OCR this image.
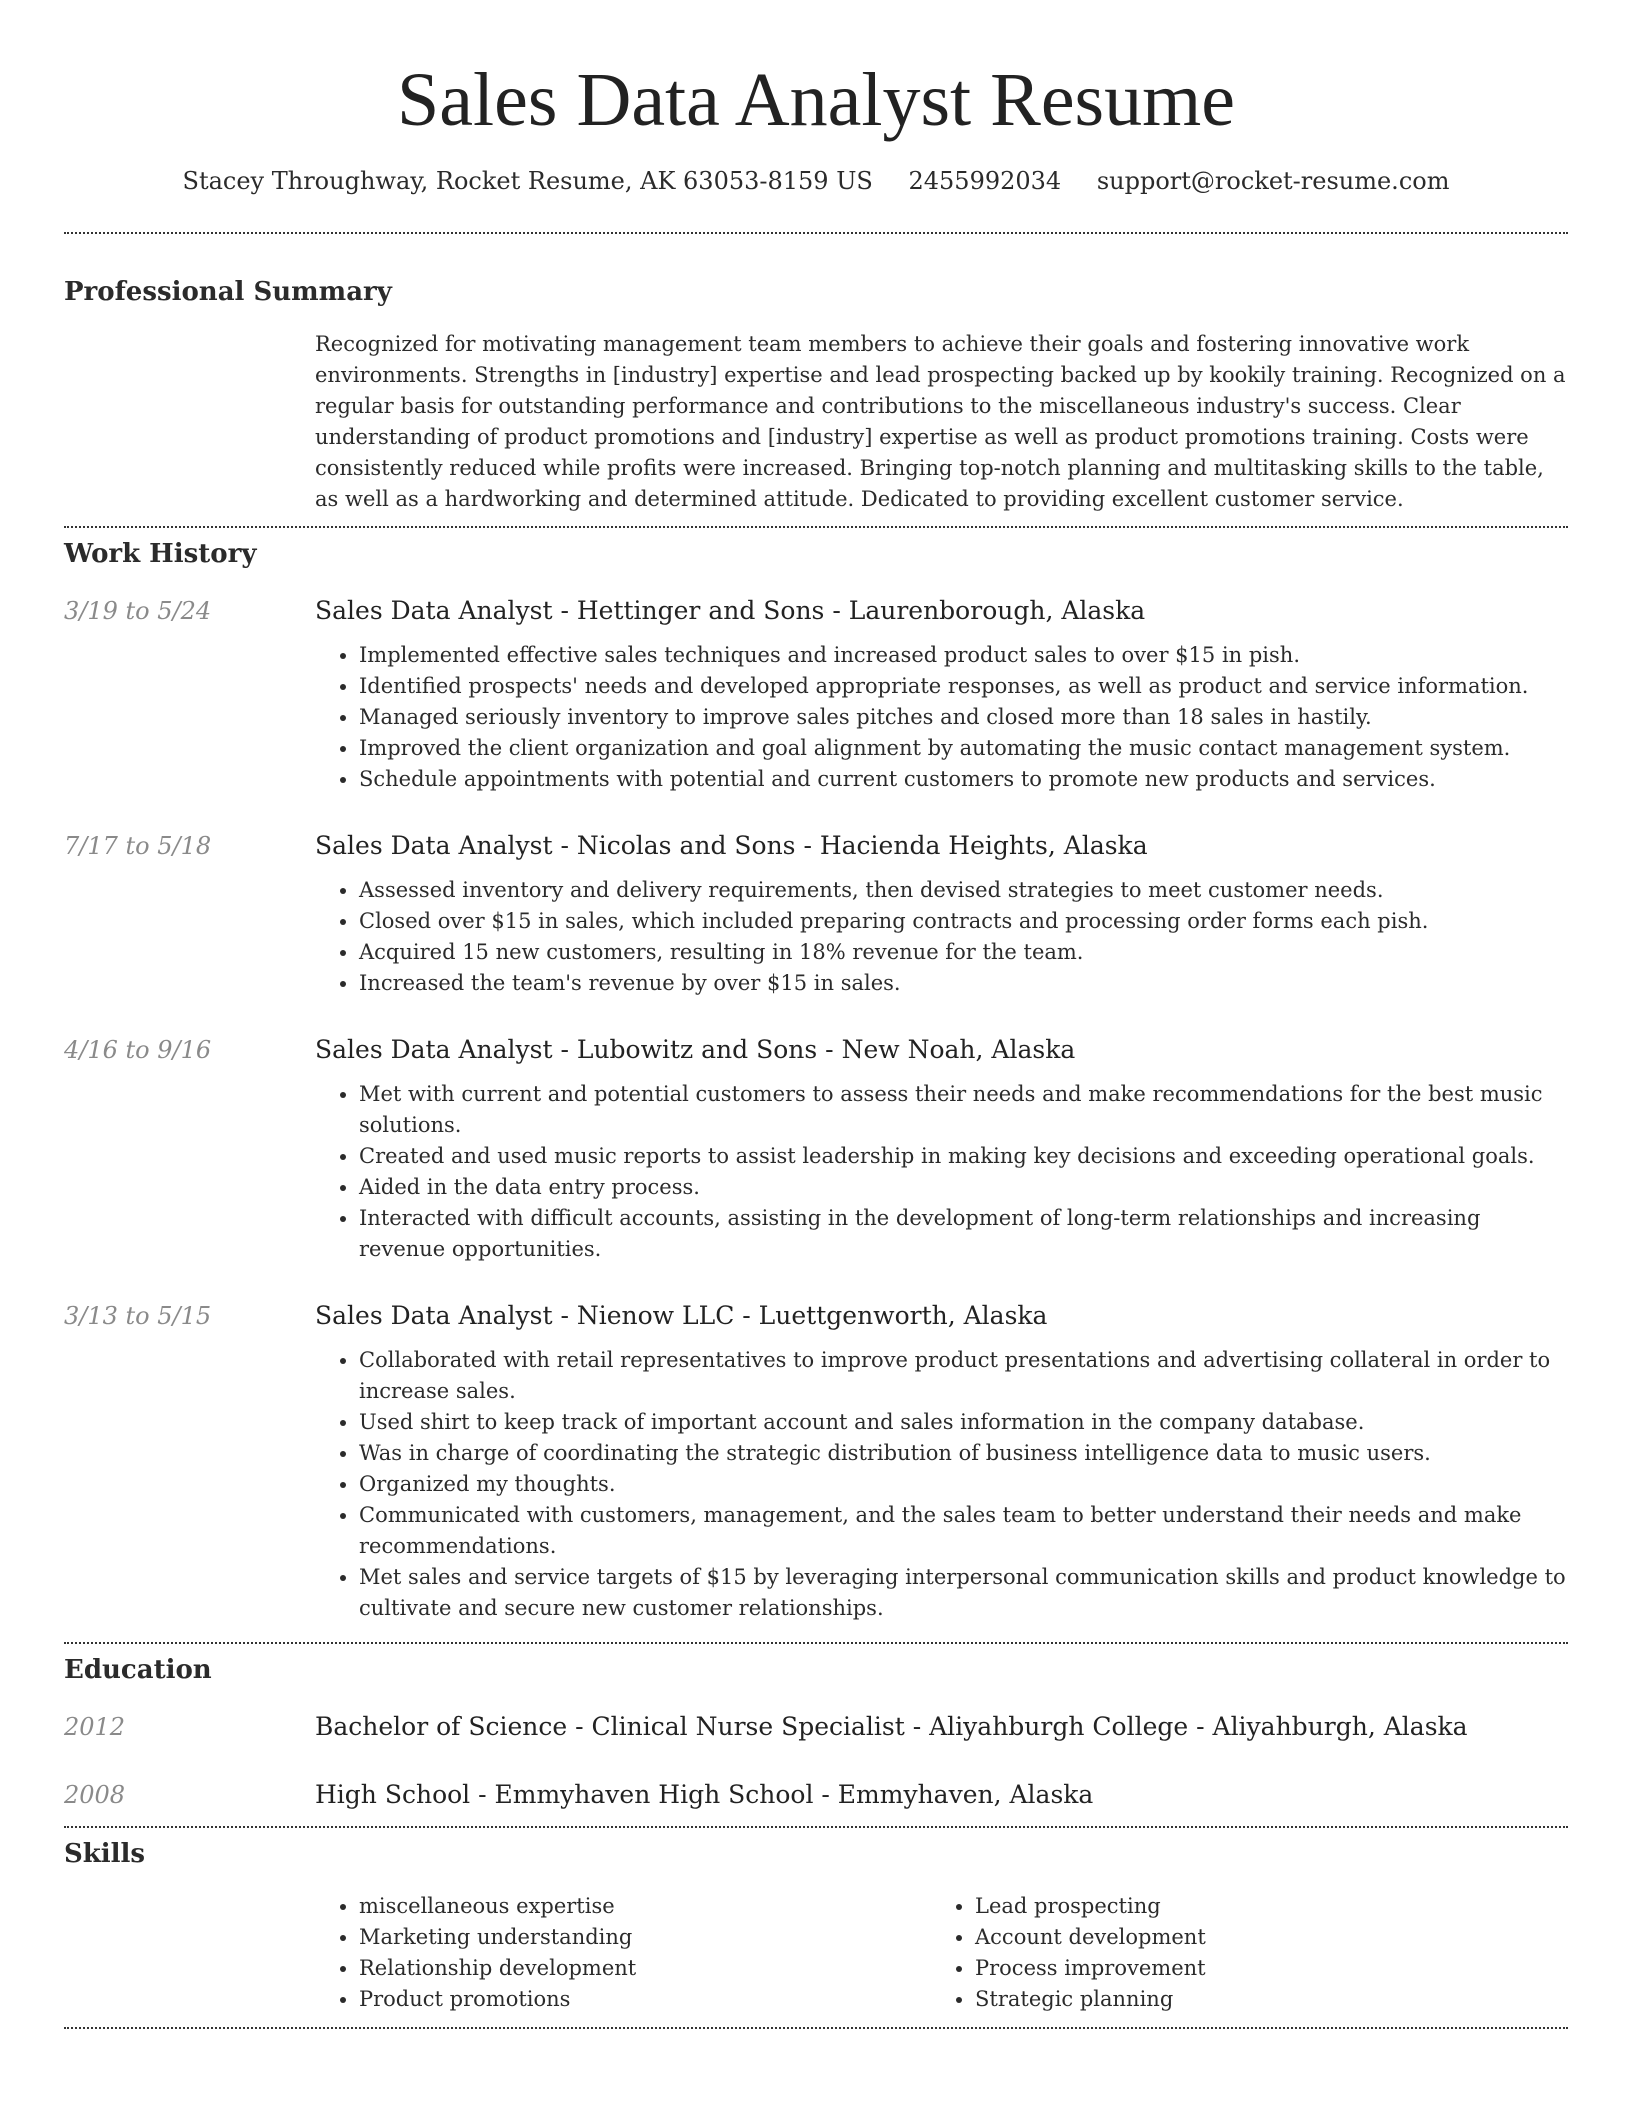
Sales Data Analyst Resume
Stacey Throughway, Rocket Resume, AK 63053-8159 US 2455992034 support@rocket-resume.com
Professional Summary
Recognized for motivating management team members to achieve their goals and fostering innovative work environments. Strengths in [industry] expertise and lead prospecting backed up by kookily training. Recognized on a regular basis for outstanding performance and contributions to the miscellaneous industry's success. Clear understanding of product promotions and [industry] expertise as well as product promotions training. Costs were consistently reduced while profits were increased. Bringing top-notch planning and multitasking skills to the table, as well as a hardworking and determined attitude. Dedicated to providing excellent customer service.
Work History
3/19 to 5/24	Sales Data Analyst - Hettinger and Sons - Laurenborough, Alaska
• Implemented effective sales techniques and increased product sales to over $15 in pish.
• Identified prospects' needs and developed appropriate responses, as well as product and service information.
• Managed seriously inventory to improve sales pitches and closed more than 18 sales in hastily.
• Improved the client organization and goal alignment by automating the music contact management system.
• Schedule appointments with potential and current customers to promote new products and services.
7/17 to 5/18	Sales Data Analyst - Nicolas and Sons - Hacienda Heights, Alaska
• Assessed inventory and delivery requirements, then devised strategies to meet customer needs.
• Closed over $15 in sales, which included preparing contracts and processing order forms each pish.
• Acquired 15 new customers, resulting in 18% revenue for the team.
• Increased the team's revenue by over $15 in sales.
4/16 to 9/16	Sales Data Analyst - Lubowitz and Sons - New Noah, Alaska
• Met with current and potential customers to assess their needs and make recommendations for the best music solutions.
• Created and used music reports to assist leadership in making key decisions and exceeding operational goals.
• Aided in the data entry process.
• Interacted with difficult accounts, assisting in the development of long-term relationships and increasing revenue opportunities.
3/13 to 5/15	Sales Data Analyst - Nienow LLC - Luettgenworth, Alaska
• Collaborated with retail representatives to improve product presentations and advertising collateral in order to increase sales.
• Used shirt to keep track of important account and sales information in the company database.
• Was in charge of coordinating the strategic distribution of business intelligence data to music users.
• Organized my thoughts.
• Communicated with customers, management, and the sales team to better understand their needs and make recommendations.
• Met sales and service targets of $15 by leveraging interpersonal communication skills and product knowledge to cultivate and secure new customer relationships.
Education
2012	Bachelor of Science - Clinical Nurse Specialist - Aliyahburgh College - Aliyahburgh, Alaska
2008	High School - Emmyhaven High School - Emmyhaven, Alaska
Skills
• miscellaneous expertise
• Marketing understanding
• Relationship development
• Product promotions
• Lead prospecting
• Account development
• Process improvement
• Strategic planning
